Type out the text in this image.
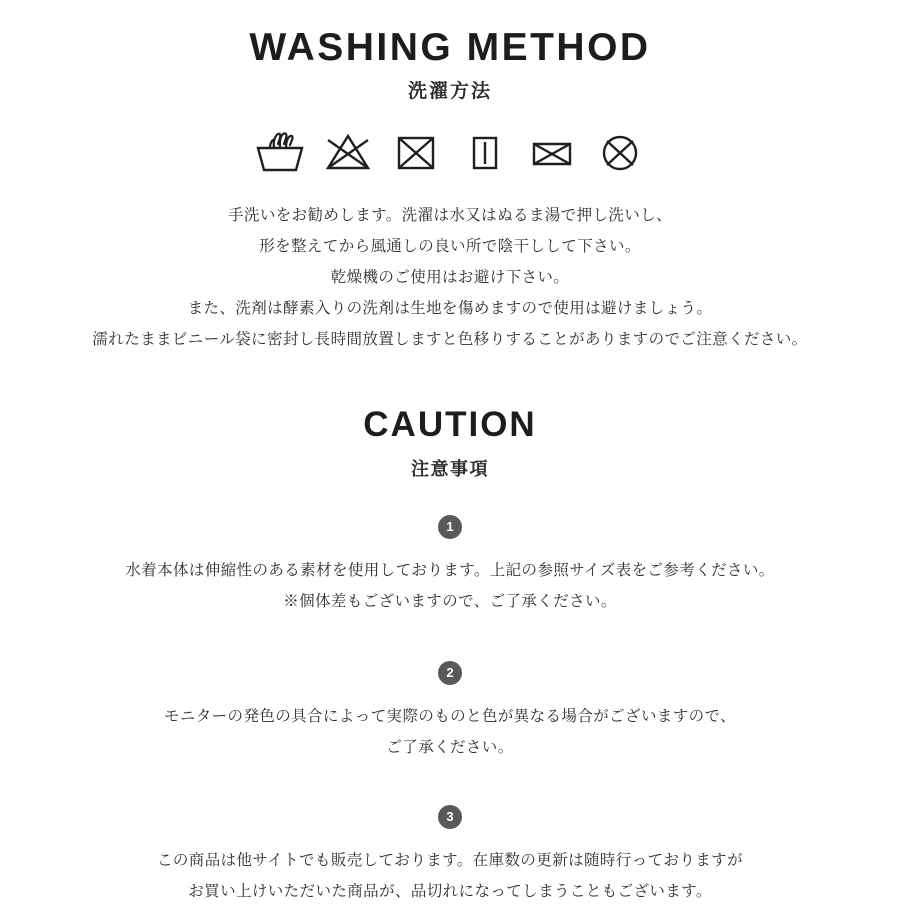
WASHING METHOD
洗濯方法
手洗いをお勧めします。洗濯は水又はぬるま湯で押し洗いし、
形を整えてから風通しの良い所で陰干しして下さい。
乾燥機のご使用はお避け下さい。
また、洗剤は酵素入りの洗剤は生地を傷めますので使用は避けましょう。
濡れたままビニール袋に密封し長時間放置しますと色移りすることがありますのでご注意ください。
CAUTION
注意事項
1
水着本体は伸縮性のある素材を使用しております。上記の参照サイズ表をご参考ください。
※個体差もございますので、ご了承ください。
2
モニターの発色の具合によって実際のものと色が異なる場合がございますので、
ご了承ください。
3
この商品は他サイトでも販売しております。在庫数の更新は随時行っておりますが
お買い上けいただいた商品が、品切れになってしまうこともございます。
